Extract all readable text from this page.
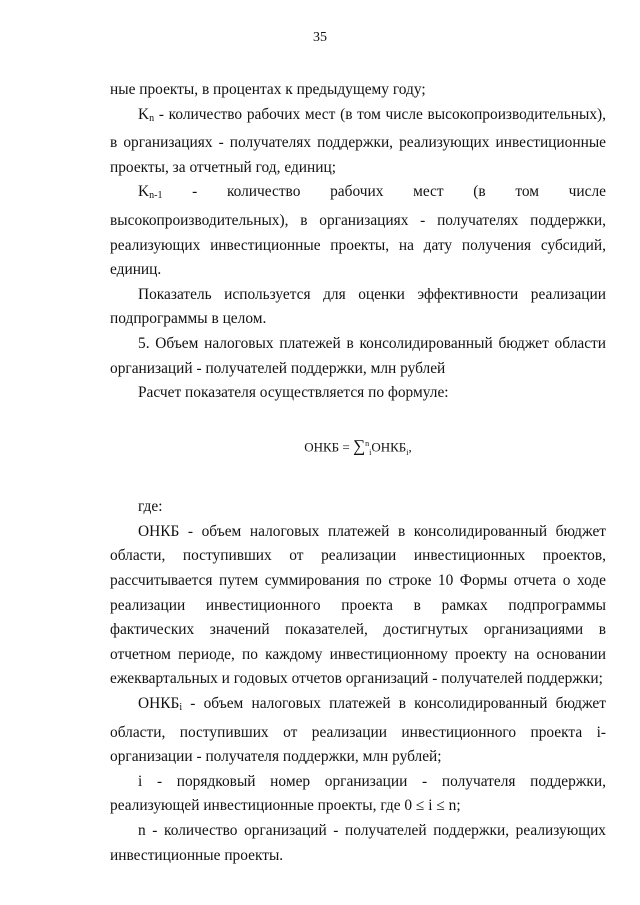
35

ные проекты, в процентах к предыдущему году;

$K_n$ - количество рабочих мест (в том числе высокопроизводительных), в организациях - получателях поддержки, реализующих инвестиционные проекты, за отчетный год, единиц;

$K_{n-1}$ - количество рабочих мест (в том числе высокопроизводительных), в организациях - получателях поддержки, реализующих инвестиционные проекты, на дату получения субсидий, единиц.

Показатель используется для оценки эффективности реализации подпрограммы в целом.

5. Объем налоговых платежей в консолидированный бюджет области организаций - получателей поддержки, млн рублей

Расчет показателя осуществляется по формуле:

ОНКБ = $\sum^n_iОНКБ_i$,

где:

ОНКБ - объем налоговых платежей в консолидированный бюджет области, поступивших от реализации инвестиционных проектов, рассчитывается путем суммирования по строке 10 Формы отчета о ходе реализации инвестиционного проекта в рамках подпрограммы фактических значений показателей, достигнутых организациями в отчетном периоде, по каждому инвестиционному проекту на основании ежеквартальных и годовых отчетов организаций - получателей поддержки;

$ОНКБ_i$ - объем налоговых платежей в консолидированный бюджет области, поступивших от реализации инвестиционного проекта i-организации - получателя поддержки, млн рублей;

i - порядковый номер организации - получателя поддержки, реализующей инвестиционные проекты, где 0 ≤ i ≤ n;

n - количество организаций - получателей поддержки, реализующих инвестиционные проекты.
